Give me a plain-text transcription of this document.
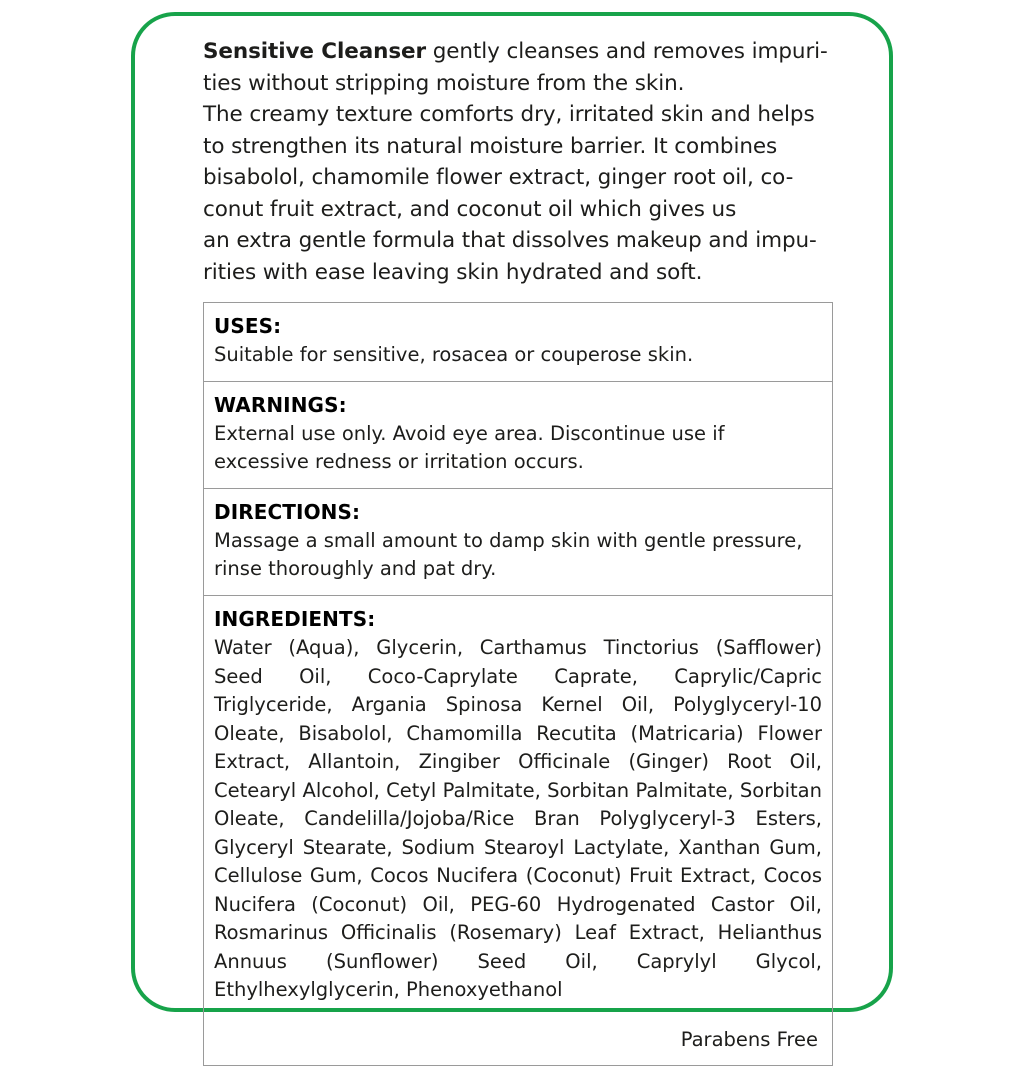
Sensitive Cleanser gently cleanses and removes impuri-

ties without stripping moisture from the skin.

The creamy texture comforts dry, irritated skin and helps

to strengthen its natural moisture barrier. It combines

bisabolol, chamomile flower extract, ginger root oil, co-

conut fruit extract, and coconut oil which gives us

an extra gentle formula that dissolves makeup and impu-

rities with ease leaving skin hydrated and soft.

USES:
Suitable for sensitive, rosacea or couperose skin.
WARNINGS:
External use only. Avoid eye area. Discontinue use if excessive redness or irritation occurs.
DIRECTIONS:
Massage a small amount to damp skin with gentle pressure, rinse thoroughly and pat dry.
INGREDIENTS:
Water (Aqua), Glycerin, Carthamus Tinctorius (Safflower) Seed Oil, Coco-Caprylate Caprate, Caprylic/Capric Triglyceride, Argania Spinosa Kernel Oil, Polyglyceryl-10 Oleate, Bisabolol, Chamomilla Recutita (Matricaria) Flower Extract, Allantoin, Zingiber Officinale (Ginger) Root Oil, Cetearyl Alcohol, Cetyl Palmitate, Sorbitan Palmitate, Sorbitan Oleate, Candelilla/Jojoba/Rice Bran Polyglyceryl-3 Esters, Glyceryl Stearate, Sodium Stearoyl Lactylate, Xanthan Gum, Cellulose Gum, Cocos Nucifera (Coconut) Fruit Extract, Cocos Nucifera (Coconut) Oil, PEG-60 Hydrogenated Castor Oil, Rosmarinus Officinalis (Rosemary) Leaf Extract, Helianthus Annuus (Sunflower) Seed Oil, Caprylyl Glycol, Ethylhexylglycerin, Phenoxyethanol
Parabens Free
